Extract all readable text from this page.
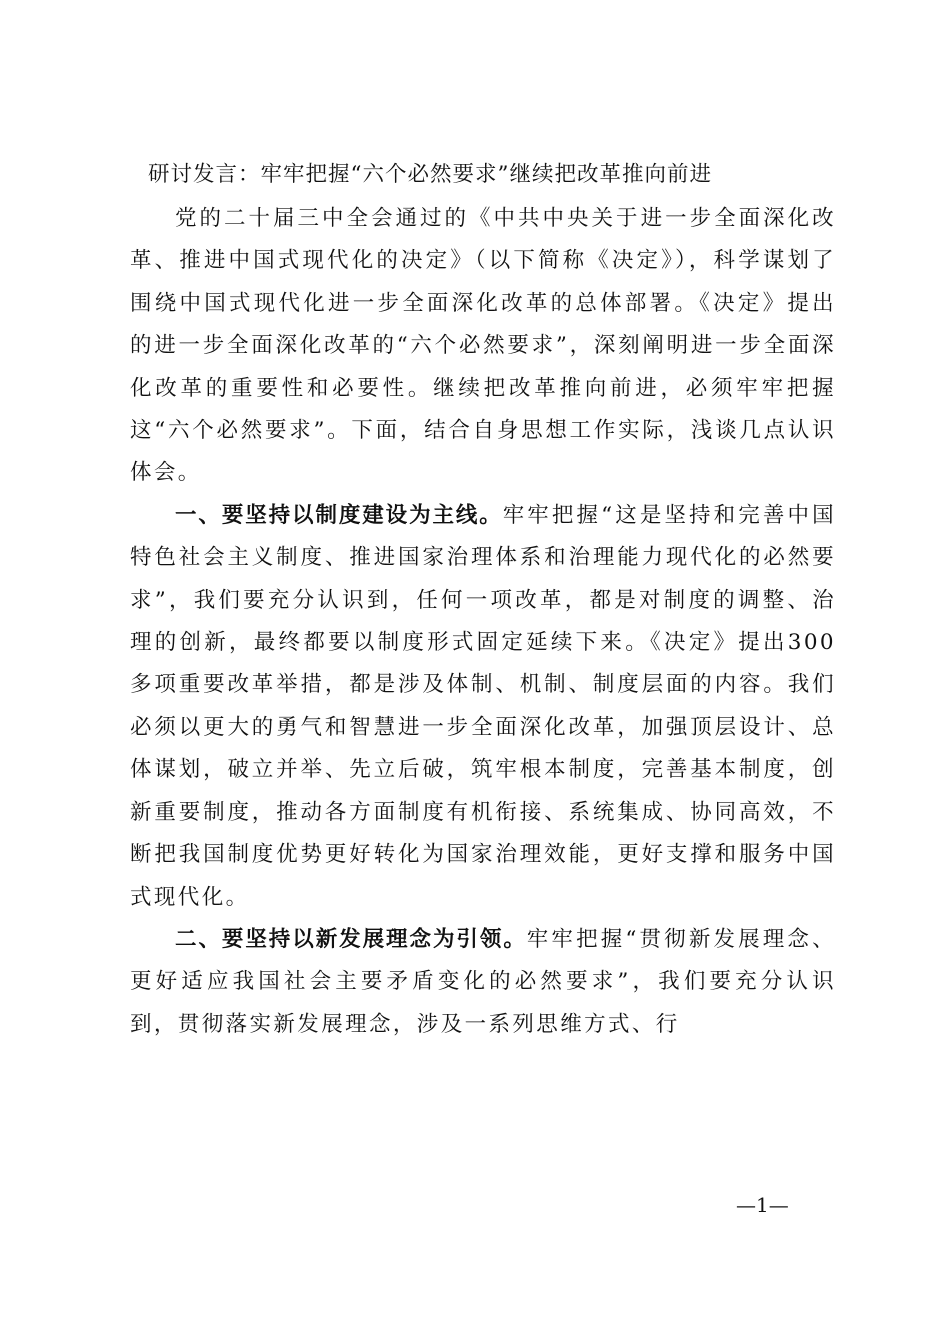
研讨发言：牢牢把握“六个必然要求”继续把改革推向前进

党的二十届三中全会通过的《中共中央关于进一步全面深化改革、推进中国式现代化的决定》（以下简称《决定》），科学谋划了围绕中国式现代化进一步全面深化改革的总体部署。《决定》提出的进一步全面深化改革的“六个必然要求”，深刻阐明进一步全面深化改革的重要性和必要性。继续把改革推向前进，必须牢牢把握这“六个必然要求”。下面，结合自身思想工作实际，浅谈几点认识体会。

一、要坚持以制度建设为主线。牢牢把握“这是坚持和完善中国特色社会主义制度、推进国家治理体系和治理能力现代化的必然要求”，我们要充分认识到，任何一项改革，都是对制度的调整、治理的创新，最终都要以制度形式固定延续下来。《决定》提出300多项重要改革举措，都是涉及体制、机制、制度层面的内容。我们必须以更大的勇气和智慧进一步全面深化改革，加强顶层设计、总体谋划，破立并举、先立后破，筑牢根本制度，完善基本制度，创新重要制度，推动各方面制度有机衔接、系统集成、协同高效，不断把我国制度优势更好转化为国家治理效能，更好支撑和服务中国式现代化。

二、要坚持以新发展理念为引领。牢牢把握“贯彻新发展理念、更好适应我国社会主要矛盾变化的必然要求”，我们要充分认识到，贯彻落实新发展理念，涉及一系列思维方式、行

—1—
